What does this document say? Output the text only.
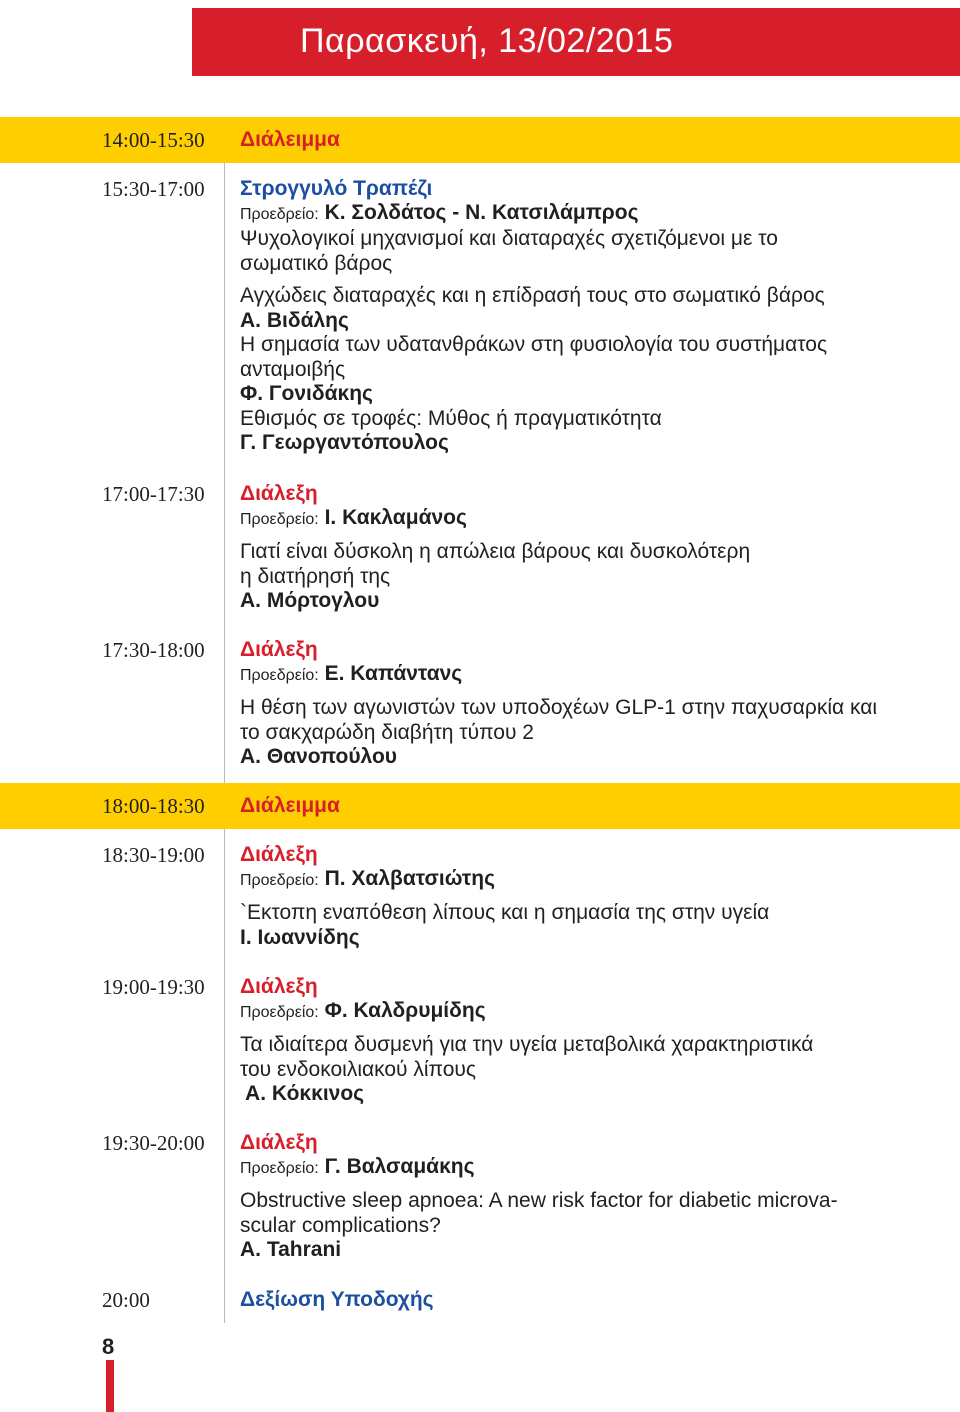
Παρασκευή, 13/02/2015
14:00-15:30 Διάλειμμα
15:30-17:00 Στρογγυλό Τραπέζι
Προεδρείο: Κ. Σολδάτος - Ν. Κατσιλάμπρος
Ψυχολογικοί μηχανισμοί και διαταραχές σχετιζόμενοι με το
σωματικό βάρος
Αγχώδεις διαταραχές και η επίδρασή τους στο σωματικό βάρος
Α. Βιδάλης
Η σημασία των υδατανθράκων στη φυσιολογία του συστήματος
ανταμοιβής
Φ. Γονιδάκης
Εθισμός σε τροφές: Μύθος ή πραγματικότητα
Γ. Γεωργαντόπουλος
17:00-17:30 Διάλεξη
Προεδρείο: Ι. Κακλαμάνος
Γιατί είναι δύσκολη η απώλεια βάρους και δυσκολότερη
η διατήρησή της
Α. Μόρτογλου
17:30-18:00 Διάλεξη
Προεδρείο: Ε. Καπάντανς
Η θέση των αγωνιστών των υποδοχέων GLP-1 στην παχυσαρκία και
το σακχαρώδη διαβήτη τύπου 2
Α. Θανοπούλου
18:00-18:30 Διάλειμμα
18:30-19:00 Διάλεξη
Προεδρείο: Π. Χαλβατσιώτης
`Εκτοπη εναπόθεση λίπους και η σημασία της στην υγεία
Ι. Ιωαννίδης
19:00-19:30 Διάλεξη
Προεδρείο: Φ. Καλδρυμίδης
Τα ιδιαίτερα δυσμενή για την υγεία μεταβολικά χαρακτηριστικά
του ενδοκοιλιακού λίπους
Α. Κόκκινος
19:30-20:00 Διάλεξη
Προεδρείο: Γ. Βαλσαμάκης
Obstructive sleep apnoea: A new risk factor for diabetic microva-
scular complications?
A. Tahrani
20:00	Δεξίωση Υποδοχής
8
